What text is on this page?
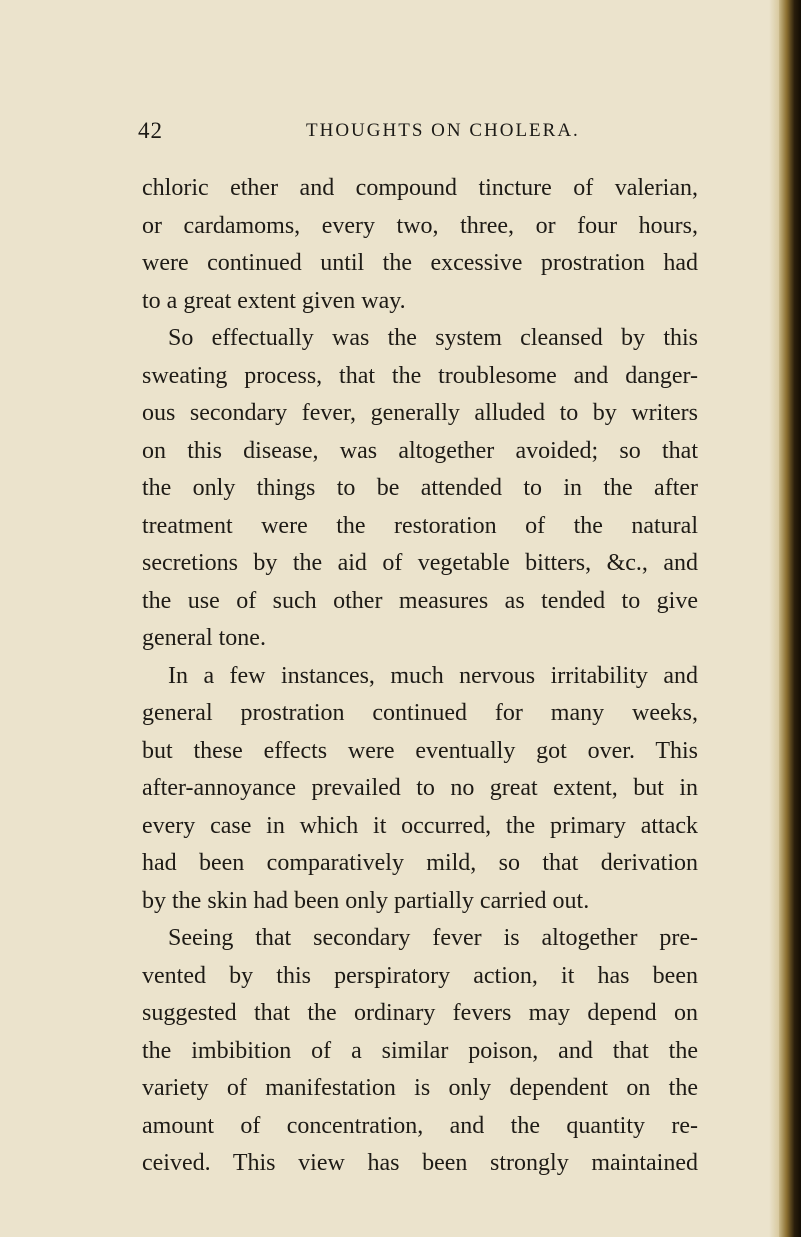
42	THOUGHTS ON CHOLERA.
chloric ether and compound tincture of valerian,
or cardamoms, every two, three, or four hours,
were continued until the excessive prostration had
to a great extent given way.
So effectually was the system cleansed by this
sweating process, that the troublesome and danger-
ous secondary fever, generally alluded to by writers
on this disease, was altogether avoided; so that
the only things to be attended to in the after
treatment were the restoration of the natural
secretions by the aid of vegetable bitters, &c., and
the use of such other measures as tended to give
general tone.
In a few instances, much nervous irritability and
general prostration continued for many weeks,
but these effects were eventually got over. This
after-annoyance prevailed to no great extent, but in
every case in which it occurred, the primary attack
had been comparatively mild, so that derivation
by the skin had been only partially carried out.
Seeing that secondary fever is altogether pre-
vented by this perspiratory action, it has been
suggested that the ordinary fevers may depend on
the imbibition of a similar poison, and that the
variety of manifestation is only dependent on the
amount of concentration, and the quantity re-
ceived. This view has been strongly maintained
